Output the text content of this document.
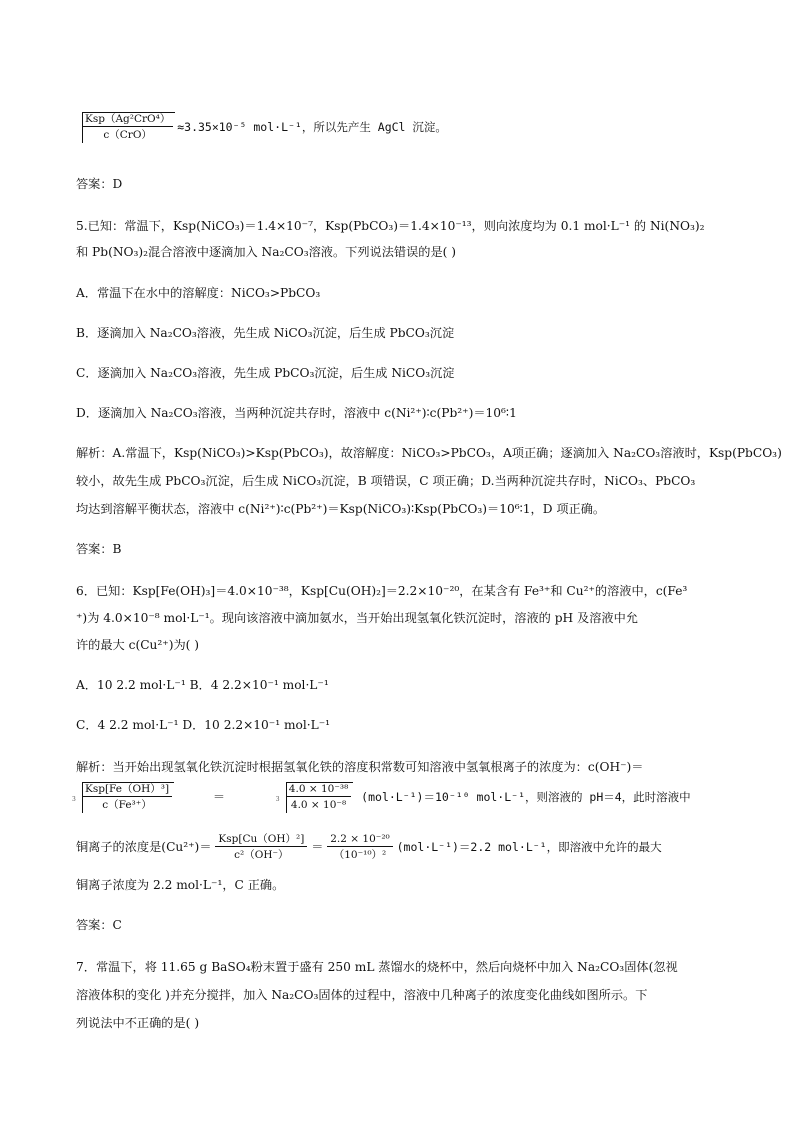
$\frac{\text{Ksp（Ag²CrO⁴）}}{\text{c（CrO）}} \approx 3.35\times 10^{-5}$ mol·L⁻¹，所以先产生 AgCl 沉淀。
答案：D
5.已知：常温下，Ksp(NiCO₃)＝1.4×10⁻⁷，Ksp(PbCO₃)＝1.4×10⁻¹³，则向浓度均为 0.1 mol·L⁻¹ 的 Ni(NO₃)₂
和 Pb(NO₃)₂混合溶液中逐滴加入 Na₂CO₃溶液。下列说法错误的是( )
A．常温下在水中的溶解度：NiCO₃>PbCO₃
B．逐滴加入 Na₂CO₃溶液，先生成 NiCO₃沉淀，后生成 PbCO₃沉淀
C．逐滴加入 Na₂CO₃溶液，先生成 PbCO₃沉淀，后生成 NiCO₃沉淀
D．逐滴加入 Na₂CO₃溶液，当两种沉淀共存时，溶液中 c(Ni²⁺)∶c(Pb²⁺)＝10⁶∶1
解析：A.常温下，Ksp(NiCO₃)>Ksp(PbCO₃)，故溶解度：NiCO₃>PbCO₃，A项正确；逐滴加入 Na₂CO₃溶液时，Ksp(PbCO₃)
较小，故先生成 PbCO₃沉淀，后生成 NiCO₃沉淀，B 项错误，C 项正确；D.当两种沉淀共存时，NiCO₃、PbCO₃
均达到溶解平衡状态，溶液中 c(Ni²⁺)∶c(Pb²⁺)＝Ksp(NiCO₃)∶Ksp(PbCO₃)＝10⁶∶1，D 项正确。
答案：B
6．已知：Ksp[Fe(OH)₃]＝4.0×10⁻³⁸，Ksp[Cu(OH)₂]＝2.2×10⁻²⁰，在某含有 Fe³⁺和 Cu²⁺的溶液中，c(Fe³
⁺)为 4.0×10⁻⁸ mol·L⁻¹。现向该溶液中滴加氨水，当开始出现氢氧化铁沉淀时，溶液的 pH 及溶液中允
许的最大 c(Cu²⁺)为( )
A．10 2.2 mol·L⁻¹ B．4 2.2×10⁻¹ mol·L⁻¹
C．4 2.2 mol·L⁻¹ D．10 2.2×10⁻¹ mol·L⁻¹
解析：当开始出现氢氧化铁沉淀时根据氢氧化铁的溶度积常数可知溶液中氢氧根离子的浓度为：c(OH⁻)＝
$3 \frac{\text{Ksp[Fe（OH）³]}}{\text{c（Fe³⁺）}}$	＝	$3 \frac{\text{4.0 × 10⁻³⁸}}{\text{4.0 × 10⁻⁸}} (mol\cdot L^{-1})=10^{-10}$ mol·L⁻¹，则溶液的 pH＝4，此时溶液中
铜离子的浓度是$(Cu^{2+})= \frac{\text{Ksp[Cu（OH）²]}}{\text{c²（OH⁻）}} = \frac{\text{2.2 × 10⁻²⁰}}{\text{（10⁻¹⁰）²}} (mol\cdot L^{-1})=2.2$ mol·L⁻¹，即溶液中允许的最大
铜离子浓度为 2.2 mol·L⁻¹，C 正确。
答案：C
7．常温下，将 11.65 g BaSO₄粉末置于盛有 250 mL 蒸馏水的烧杯中，然后向烧杯中加入 Na₂CO₃固体(忽视
溶液体积的变化 )并充分搅拌，加入 Na₂CO₃固体的过程中，溶液中几种离子的浓度变化曲线如图所示。下
列说法中不正确的是( )
